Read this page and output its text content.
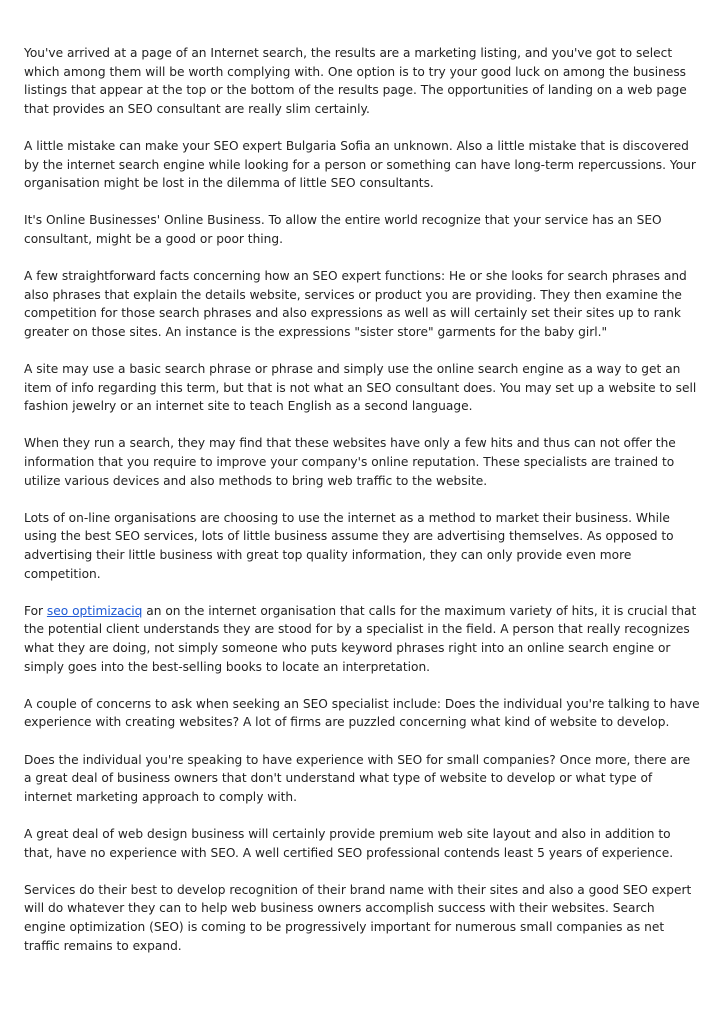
You've arrived at a page of an Internet search, the results are a marketing listing, and you've got to select which among them will be worth complying with. One option is to try your good luck on among the business listings that appear at the top or the bottom of the results page. The opportunities of landing on a web page that provides an SEO consultant are really slim certainly.

A little mistake can make your SEO expert Bulgaria Sofia an unknown. Also a little mistake that is discovered by the internet search engine while looking for a person or something can have long-term repercussions. Your organisation might be lost in the dilemma of little SEO consultants.

It's Online Businesses' Online Business. To allow the entire world recognize that your service has an SEO consultant, might be a good or poor thing.

A few straightforward facts concerning how an SEO expert functions: He or she looks for search phrases and also phrases that explain the details website, services or product you are providing. They then examine the competition for those search phrases and also expressions as well as will certainly set their sites up to rank greater on those sites. An instance is the expressions "sister store" garments for the baby girl."

A site may use a basic search phrase or phrase and simply use the online search engine as a way to get an item of info regarding this term, but that is not what an SEO consultant does. You may set up a website to sell fashion jewelry or an internet site to teach English as a second language.

When they run a search, they may find that these websites have only a few hits and thus can not offer the information that you require to improve your company's online reputation. These specialists are trained to utilize various devices and also methods to bring web traffic to the website.

Lots of on-line organisations are choosing to use the internet as a method to market their business. While using the best SEO services, lots of little business assume they are advertising themselves. As opposed to advertising their little business with great top quality information, they can only provide even more competition.

For seo optimizaciq an on the internet organisation that calls for the maximum variety of hits, it is crucial that the potential client understands they are stood for by a specialist in the field. A person that really recognizes what they are doing, not simply someone who puts keyword phrases right into an online search engine or simply goes into the best-selling books to locate an interpretation.

A couple of concerns to ask when seeking an SEO specialist include: Does the individual you're talking to have experience with creating websites? A lot of firms are puzzled concerning what kind of website to develop.

Does the individual you're speaking to have experience with SEO for small companies? Once more, there are a great deal of business owners that don't understand what type of website to develop or what type of internet marketing approach to comply with.

A great deal of web design business will certainly provide premium web site layout and also in addition to that, have no experience with SEO. A well certified SEO professional contends least 5 years of experience.

Services do their best to develop recognition of their brand name with their sites and also a good SEO expert will do whatever they can to help web business owners accomplish success with their websites. Search engine optimization (SEO) is coming to be progressively important for numerous small companies as net traffic remains to expand.
